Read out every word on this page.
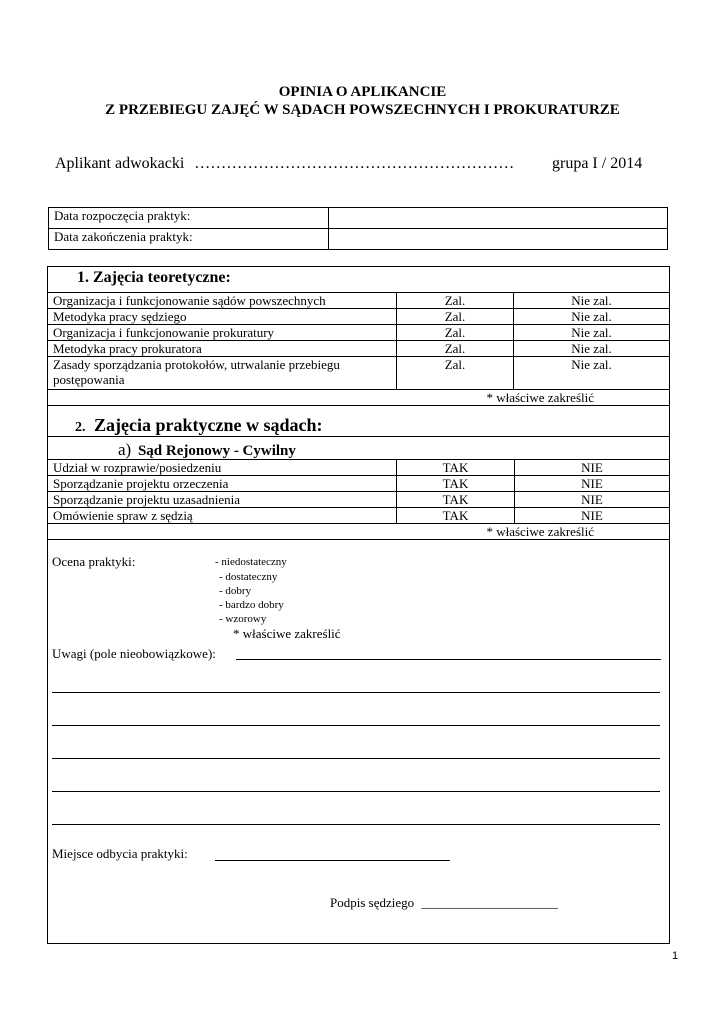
OPINIA O APLIKANCIE
Z PRZEBIEGU ZAJĘĆ W SĄDACH POWSZECHNYCH I PROKURATURZE
Aplikant adwokacki …………………………………………………… grupa I / 2014
Data rozpoczęcia praktyk:	
Data zakończenia praktyk:	
1. Zajęcia teoretyczne:
Organizacja i funkcjonowanie sądów powszechnych	Zal.	Nie zal.
Metodyka pracy sędziego	Zal.	Nie zal.
Organizacja i funkcjonowanie prokuratury	Zal.	Nie zal.
Metodyka pracy prokuratora	Zal.	Nie zal.
Zasady sporządzania protokołów, utrwalanie przebiegu postępowania	Zal.	Nie zal.
* właściwe zakreślić		
2. Zajęcia praktyczne w sądach:
a) Sąd Rejonowy - Cywilny
Udział w rozprawie/posiedzeniu	TAK	NIE
Sporządzanie projektu orzeczenia	TAK	NIE
Sporządzanie projektu uzasadnienia	TAK	NIE
Omówienie spraw z sędzią	TAK	NIE
* właściwe zakreślić		
Ocena praktyki:	- niedostateczny
- dostateczny
- dobry
- bardzo dobry
- wzorowy
* właściwe zakreślić
Uwagi (pole nieobowiązkowe):
Miejsce odbycia praktyki:
Podpis sędziego _____________________
1
